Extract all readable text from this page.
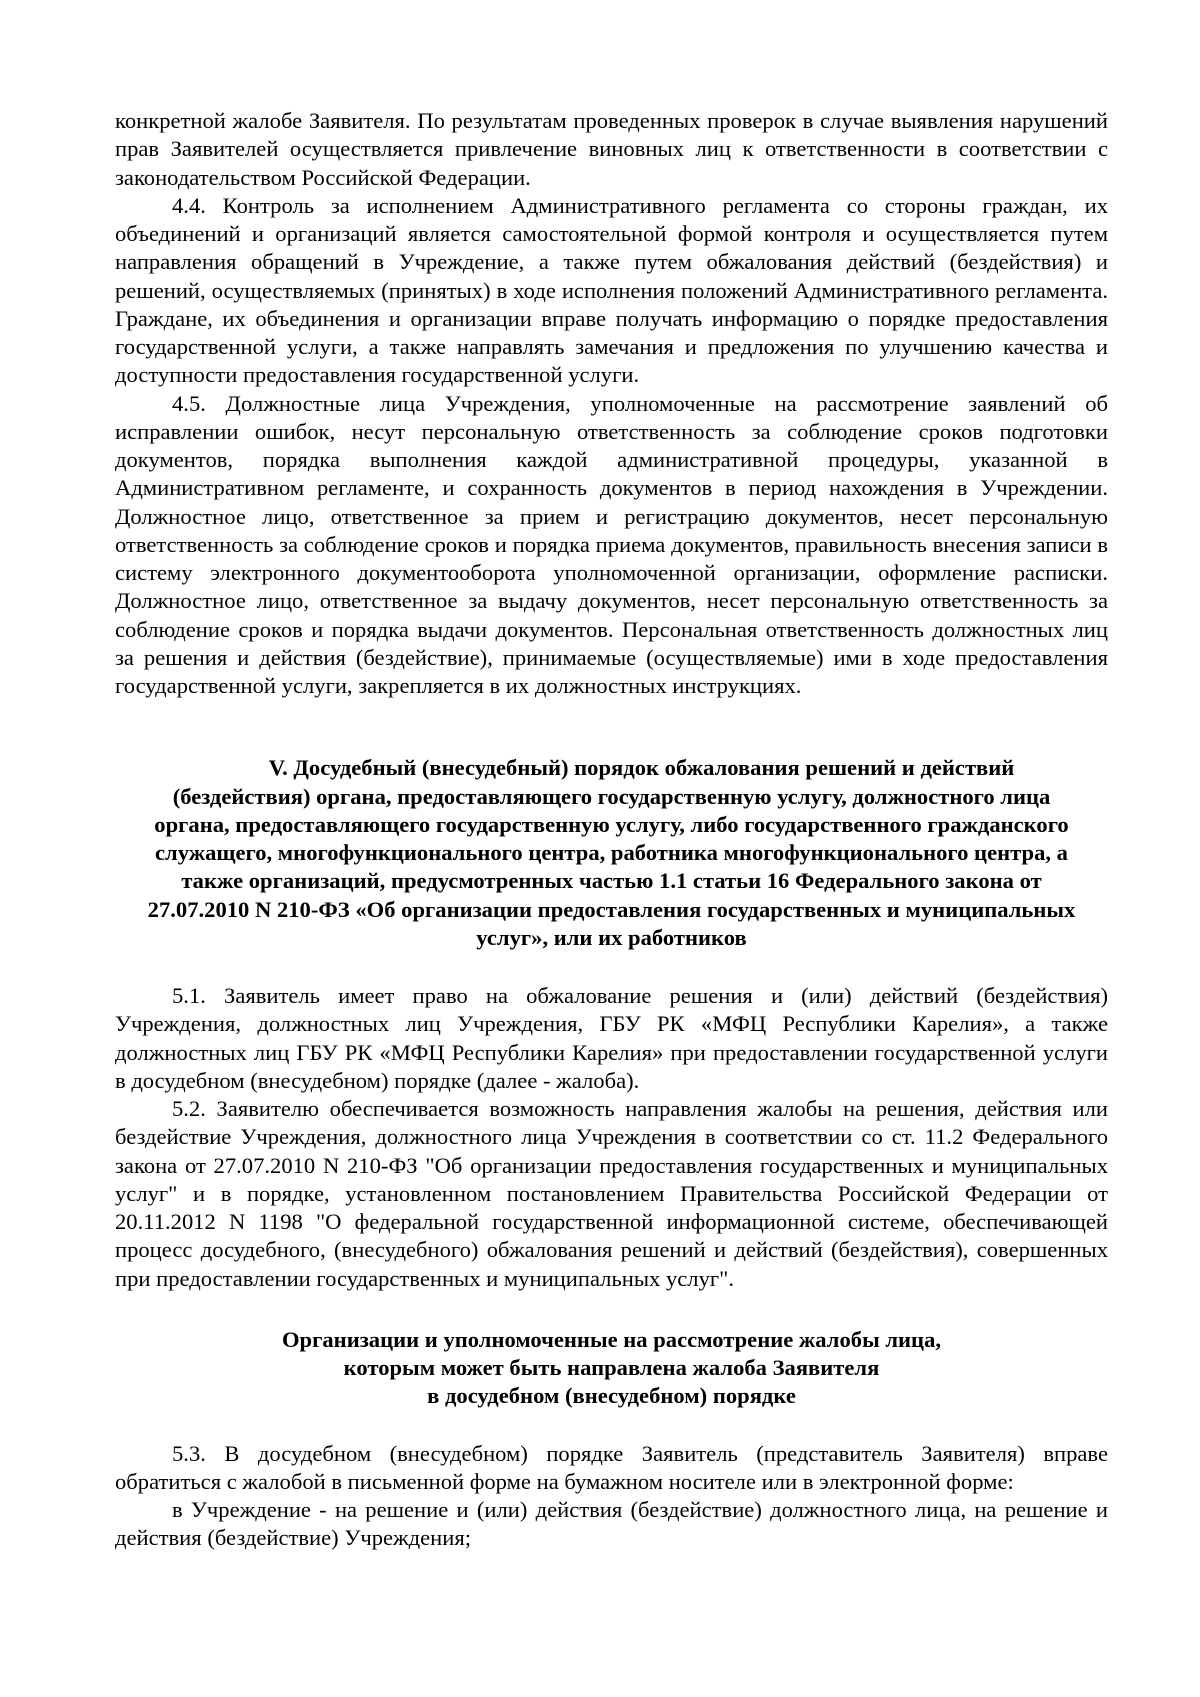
конкретной жалобе Заявителя. По результатам проведенных проверок в случае выявления нарушений прав Заявителей осуществляется привлечение виновных лиц к ответственности в соответствии с законодательством Российской Федерации.

4.4. Контроль за исполнением Административного регламента со стороны граждан, их объединений и организаций является самостоятельной формой контроля и осуществляется путем направления обращений в Учреждение, а также путем обжалования действий (бездействия) и решений, осуществляемых (принятых) в ходе исполнения положений Административного регламента. Граждане, их объединения и организации вправе получать информацию о порядке предоставления государственной услуги, а также направлять замечания и предложения по улучшению качества и доступности предоставления государственной услуги.

4.5. Должностные лица Учреждения, уполномоченные на рассмотрение заявлений об исправлении ошибок, несут персональную ответственность за соблюдение сроков подготовки документов, порядка выполнения каждой административной процедуры, указанной в Административном регламенте, и сохранность документов в период нахождения в Учреждении. Должностное лицо, ответственное за прием и регистрацию документов, несет персональную ответственность за соблюдение сроков и порядка приема документов, правильность внесения записи в систему электронного документооборота уполномоченной организации, оформление расписки. Должностное лицо, ответственное за выдачу документов, несет персональную ответственность за соблюдение сроков и порядка выдачи документов. Персональная ответственность должностных лиц за решения и действия (бездействие), принимаемые (осуществляемые) ими в ходе предоставления государственной услуги, закрепляется в их должностных инструкциях.

V. Досудебный (внесудебный) порядок обжалования решений и действий
(бездействия) органа, предоставляющего государственную услугу, должностного лица
органа, предоставляющего государственную услугу, либо государственного гражданского
служащего, многофункционального центра, работника многофункционального центра, а
также организаций, предусмотренных частью 1.1 статьи 16 Федерального закона от
27.07.2010 N 210-ФЗ «Об организации предоставления государственных и муниципальных
услуг», или их работников

5.1. Заявитель имеет право на обжалование решения и (или) действий (бездействия) Учреждения, должностных лиц Учреждения, ГБУ РК «МФЦ Республики Карелия», а также должностных лиц ГБУ РК «МФЦ Республики Карелия» при предоставлении государственной услуги в досудебном (внесудебном) порядке (далее - жалоба).

5.2. Заявителю обеспечивается возможность направления жалобы на решения, действия или бездействие Учреждения, должностного лица Учреждения в соответствии со ст. 11.2 Федерального закона от 27.07.2010 N 210-ФЗ "Об организации предоставления государственных и муниципальных услуг" и в порядке, установленном постановлением Правительства Российской Федерации от 20.11.2012 N 1198 "О федеральной государственной информационной системе, обеспечивающей процесс досудебного, (внесудебного) обжалования решений и действий (бездействия), совершенных при предоставлении государственных и муниципальных услуг".

Организации и уполномоченные на рассмотрение жалобы лица,
которым может быть направлена жалоба Заявителя
в досудебном (внесудебном) порядке

5.3. В досудебном (внесудебном) порядке Заявитель (представитель Заявителя) вправе обратиться с жалобой в письменной форме на бумажном носителе или в электронной форме:

в Учреждение - на решение и (или) действия (бездействие) должностного лица, на решение и действия (бездействие) Учреждения;
